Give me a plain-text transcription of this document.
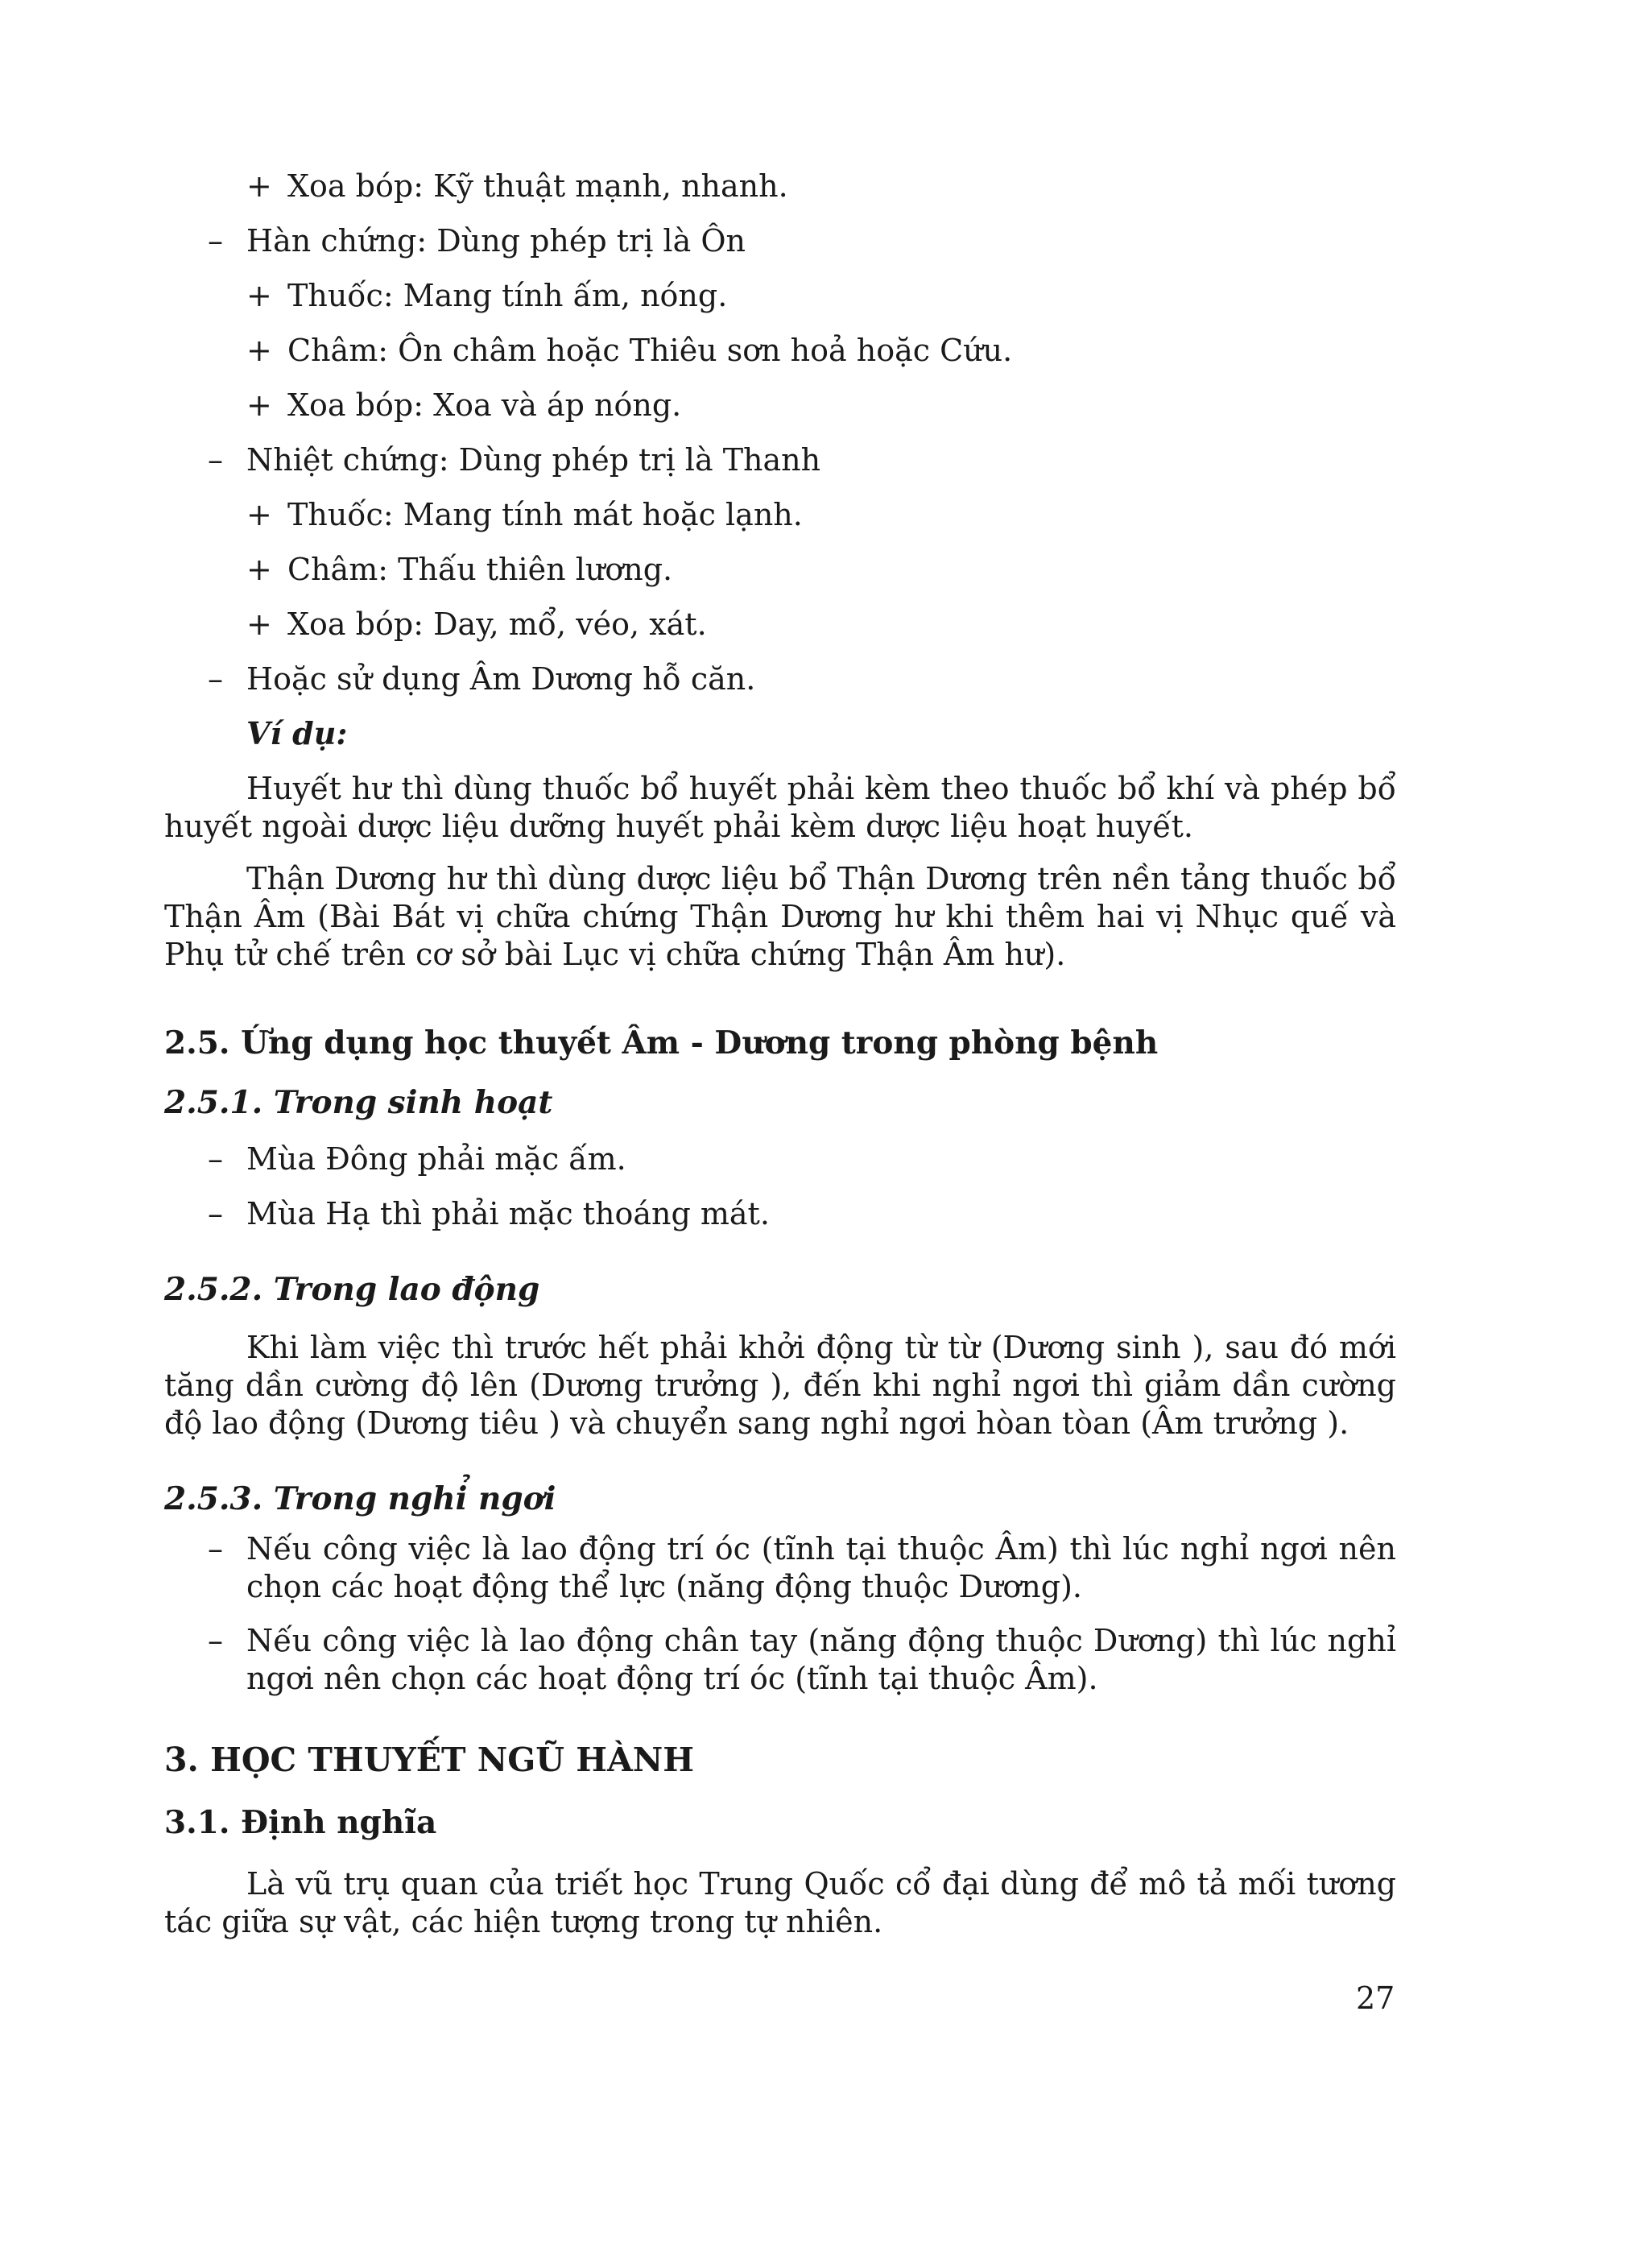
+ Xoa bóp: Kỹ thuật mạnh, nhanh.
– Hàn chứng: Dùng phép trị là Ôn
+ Thuốc: Mang tính ấm, nóng.
+ Châm: Ôn châm hoặc Thiêu sơn hoả hoặc Cứu.
+ Xoa bóp: Xoa và áp nóng.
– Nhiệt chứng: Dùng phép trị là Thanh
+ Thuốc: Mang tính mát hoặc lạnh.
+ Châm: Thấu thiên lương.
+ Xoa bóp: Day, mổ, véo, xát.
– Hoặc sử dụng Âm Dương hỗ căn.
Ví dụ:
Huyết hư thì dùng thuốc bổ huyết phải kèm theo thuốc bổ khí và phép bổ huyết ngoài dược liệu dưỡng huyết phải kèm dược liệu hoạt huyết.
Thận Dương hư thì dùng dược liệu bổ Thận Dương trên nền tảng thuốc bổ Thận Âm (Bài Bát vị chữa chứng Thận Dương hư khi thêm hai vị Nhục quế và Phụ tử chế trên cơ sở bài Lục vị chữa chứng Thận Âm hư).
2.5. Ứng dụng học thuyết Âm - Dương trong phòng bệnh
2.5.1. Trong sinh hoạt
– Mùa Đông phải mặc ấm.
– Mùa Hạ thì phải mặc thoáng mát.
2.5.2. Trong lao động
Khi làm việc thì trước hết phải khởi động từ từ (Dương sinh ), sau đó mới tăng dần cường độ lên (Dương trưởng ), đến khi nghỉ ngơi thì giảm dần cường độ lao động (Dương tiêu ) và chuyển sang nghỉ ngơi hòan tòan (Âm trưởng ).
2.5.3. Trong nghỉ ngơi
– Nếu công việc là lao động trí óc (tĩnh tại thuộc Âm) thì lúc nghỉ ngơi nên chọn các hoạt động thể lực (năng động thuộc Dương).
– Nếu công việc là lao động chân tay (năng động thuộc Dương) thì lúc nghỉ ngơi nên chọn các hoạt động trí óc (tĩnh tại thuộc Âm).
3. HỌC THUYẾT NGŨ HÀNH
3.1. Định nghĩa
Là vũ trụ quan của triết học Trung Quốc cổ đại dùng để mô tả mối tương tác giữa sự vật, các hiện tượng trong tự nhiên.
27
